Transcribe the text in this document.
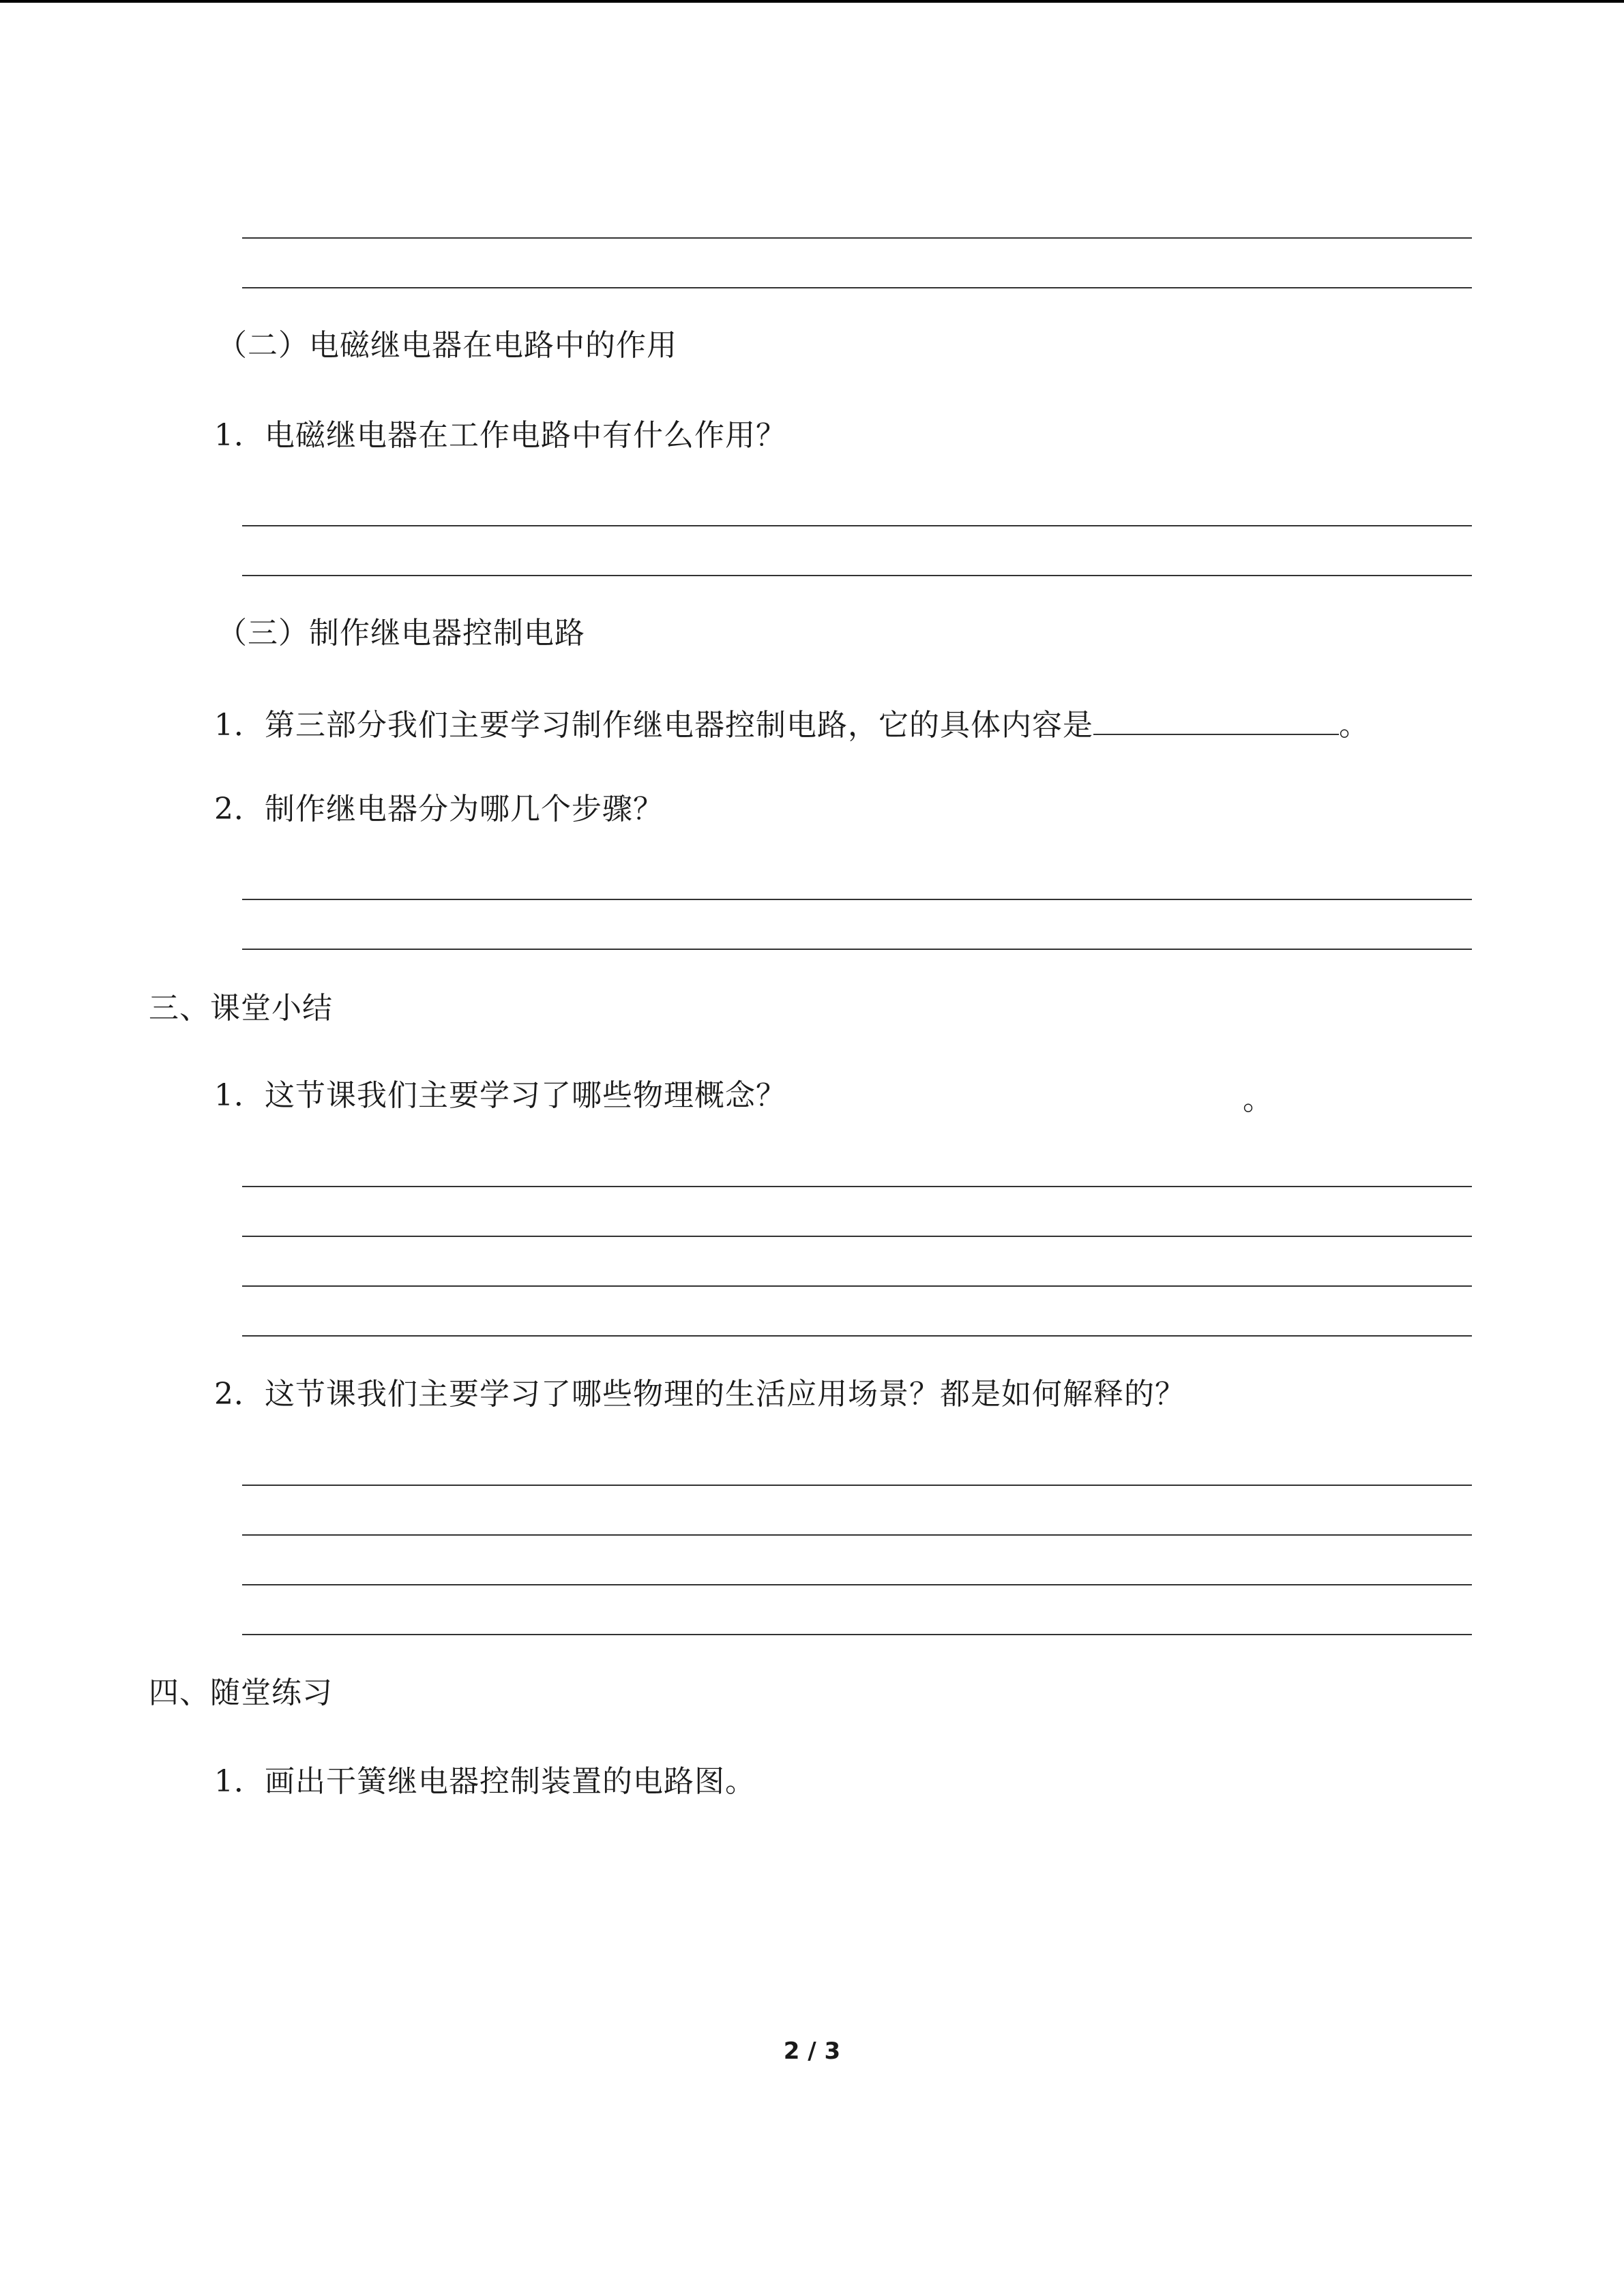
（二）电磁继电器在电路中的作用
1．电磁继电器在工作电路中有什么作用？
（三）制作继电器控制电路
1．第三部分我们主要学习制作继电器控制电路，它的具体内容是	。
2．制作继电器分为哪几个步骤？
三、课堂小结
1．这节课我们主要学习了哪些物理概念？	。
2．这节课我们主要学习了哪些物理的生活应用场景？都是如何解释的？
四、随堂练习
1．画出干簧继电器控制装置的电路图。
2 / 3
